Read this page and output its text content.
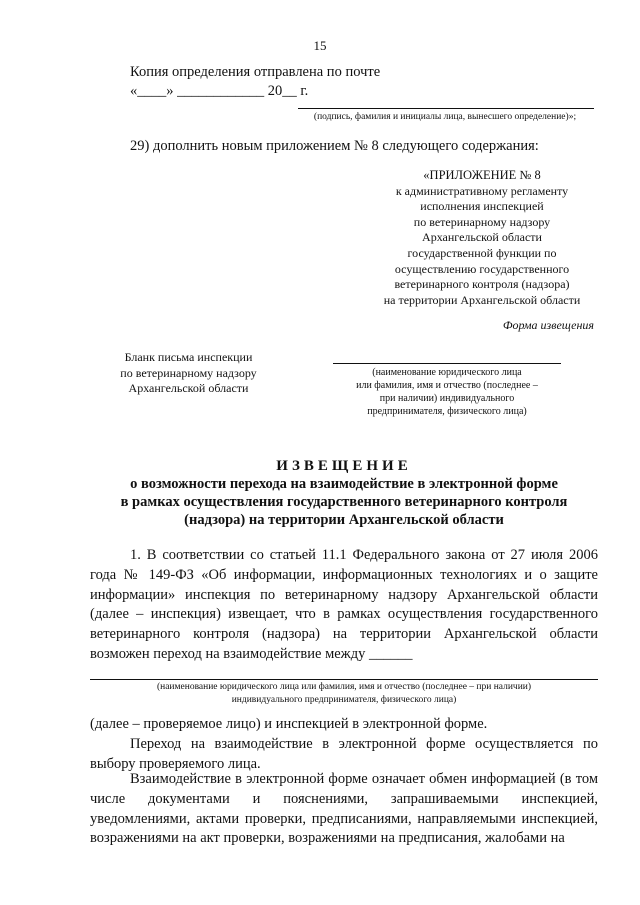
15
Копия определения отправлена по почте
«____» ____________ 20__ г.
(подпись, фамилия и инициалы лица, вынесшего определение)»;
29) дополнить новым приложением № 8 следующего содержания:
«ПРИЛОЖЕНИЕ № 8
к административному регламенту
исполнения инспекцией
по ветеринарному надзору
Архангельской области
государственной функции по
осуществлению государственного
ветеринарного контроля (надзора)
на территории Архангельской области
Форма извещения
Бланк письма инспекции
по ветеринарному надзору
Архангельской области
(наименование юридического лица
или фамилия, имя и отчество (последнее –
при наличии) индивидуального
предпринимателя, физического лица)
ИЗВЕЩЕНИЕ
о возможности перехода на взаимодействие в электронной форме
в рамках осуществления государственного ветеринарного контроля
(надзора) на территории Архангельской области
1. В соответствии со статьей 11.1 Федерального закона от 27 июля 2006 года № 149-ФЗ «Об информации, информационных технологиях и о защите информации» инспекция по ветеринарному надзору Архангельской области (далее – инспекция) извещает, что в рамках осуществления государственного ветеринарного контроля (надзора) на территории Архангельской области возможен переход на взаимодействие между ______
(наименование юридического лица или фамилия, имя и отчество (последнее – при наличии)
индивидуального предпринимателя, физического лица)
(далее – проверяемое лицо) и инспекцией в электронной форме.
Переход на взаимодействие в электронной форме осуществляется по выбору проверяемого лица.
Взаимодействие в электронной форме означает обмен информацией (в том числе документами и пояснениями, запрашиваемыми инспекцией, уведомлениями, актами проверки, предписаниями, направляемыми инспекцией, возражениями на акт проверки, возражениями на предписания, жалобами на
